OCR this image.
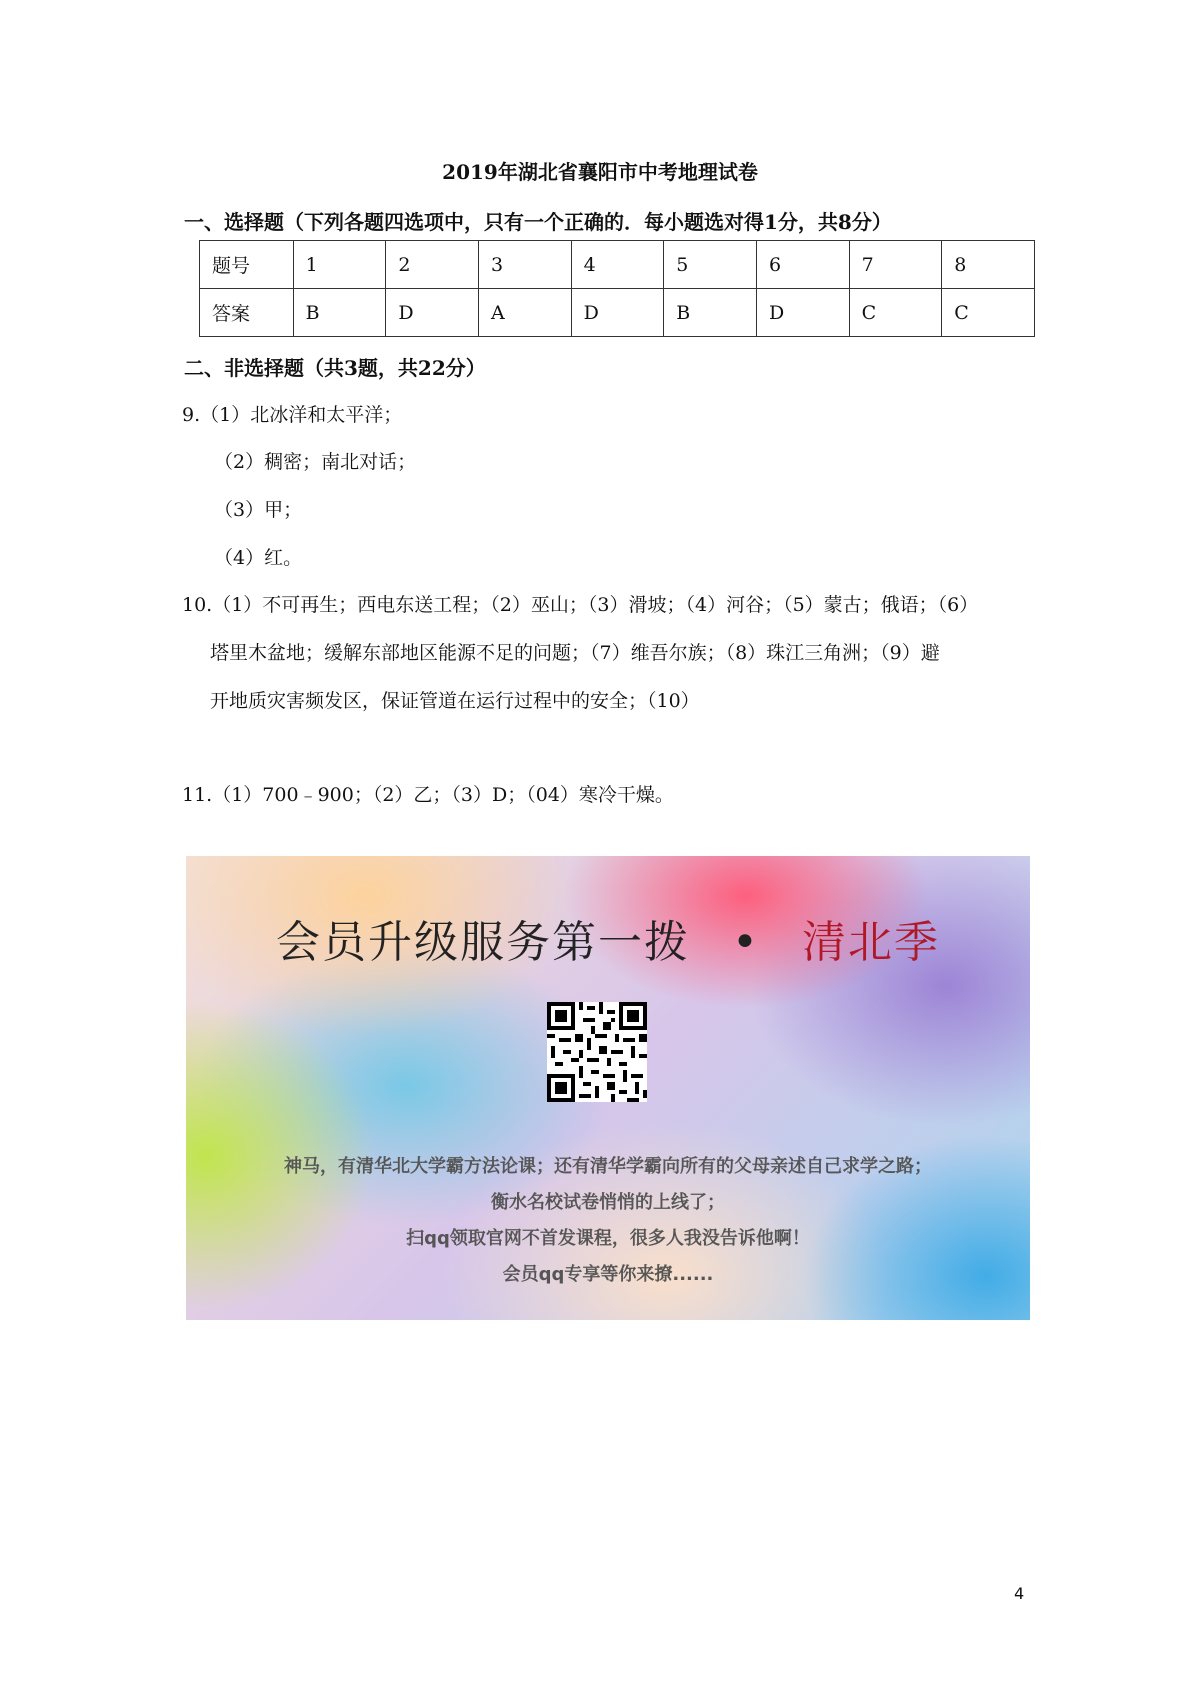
2019年湖北省襄阳市中考地理试卷
一、选择题（下列各题四选项中，只有一个正确的．每小题选对得1分，共8分）
题号	1	2	3	4	5	6	7	8
答案	B	D	A	D	B	D	C	C
二、非选择题（共3题，共22分）
9.（1）北冰洋和太平洋；
（2）稠密；南北对话；
（3）甲；
（4）红。
10.（1）不可再生；西电东送工程；（2）巫山；（3）滑坡；（4）河谷；（5）蒙古；俄语；（6）
塔里木盆地；缓解东部地区能源不足的问题；（7）维吾尔族；（8）珠江三角洲；（9）避
开地质灾害频发区，保证管道在运行过程中的安全；（10）
11.（1）700﹣900；（2）乙；（3）D；（04）寒冷干燥。
会员升级服务第一拨 • 清北季
神马，有清华北大学霸方法论课；还有清华学霸向所有的父母亲述自己求学之路；
衡水名校试卷悄悄的上线了；
扫qq领取官网不首发课程，很多人我没告诉他啊！
会员qq专享等你来撩......
4
